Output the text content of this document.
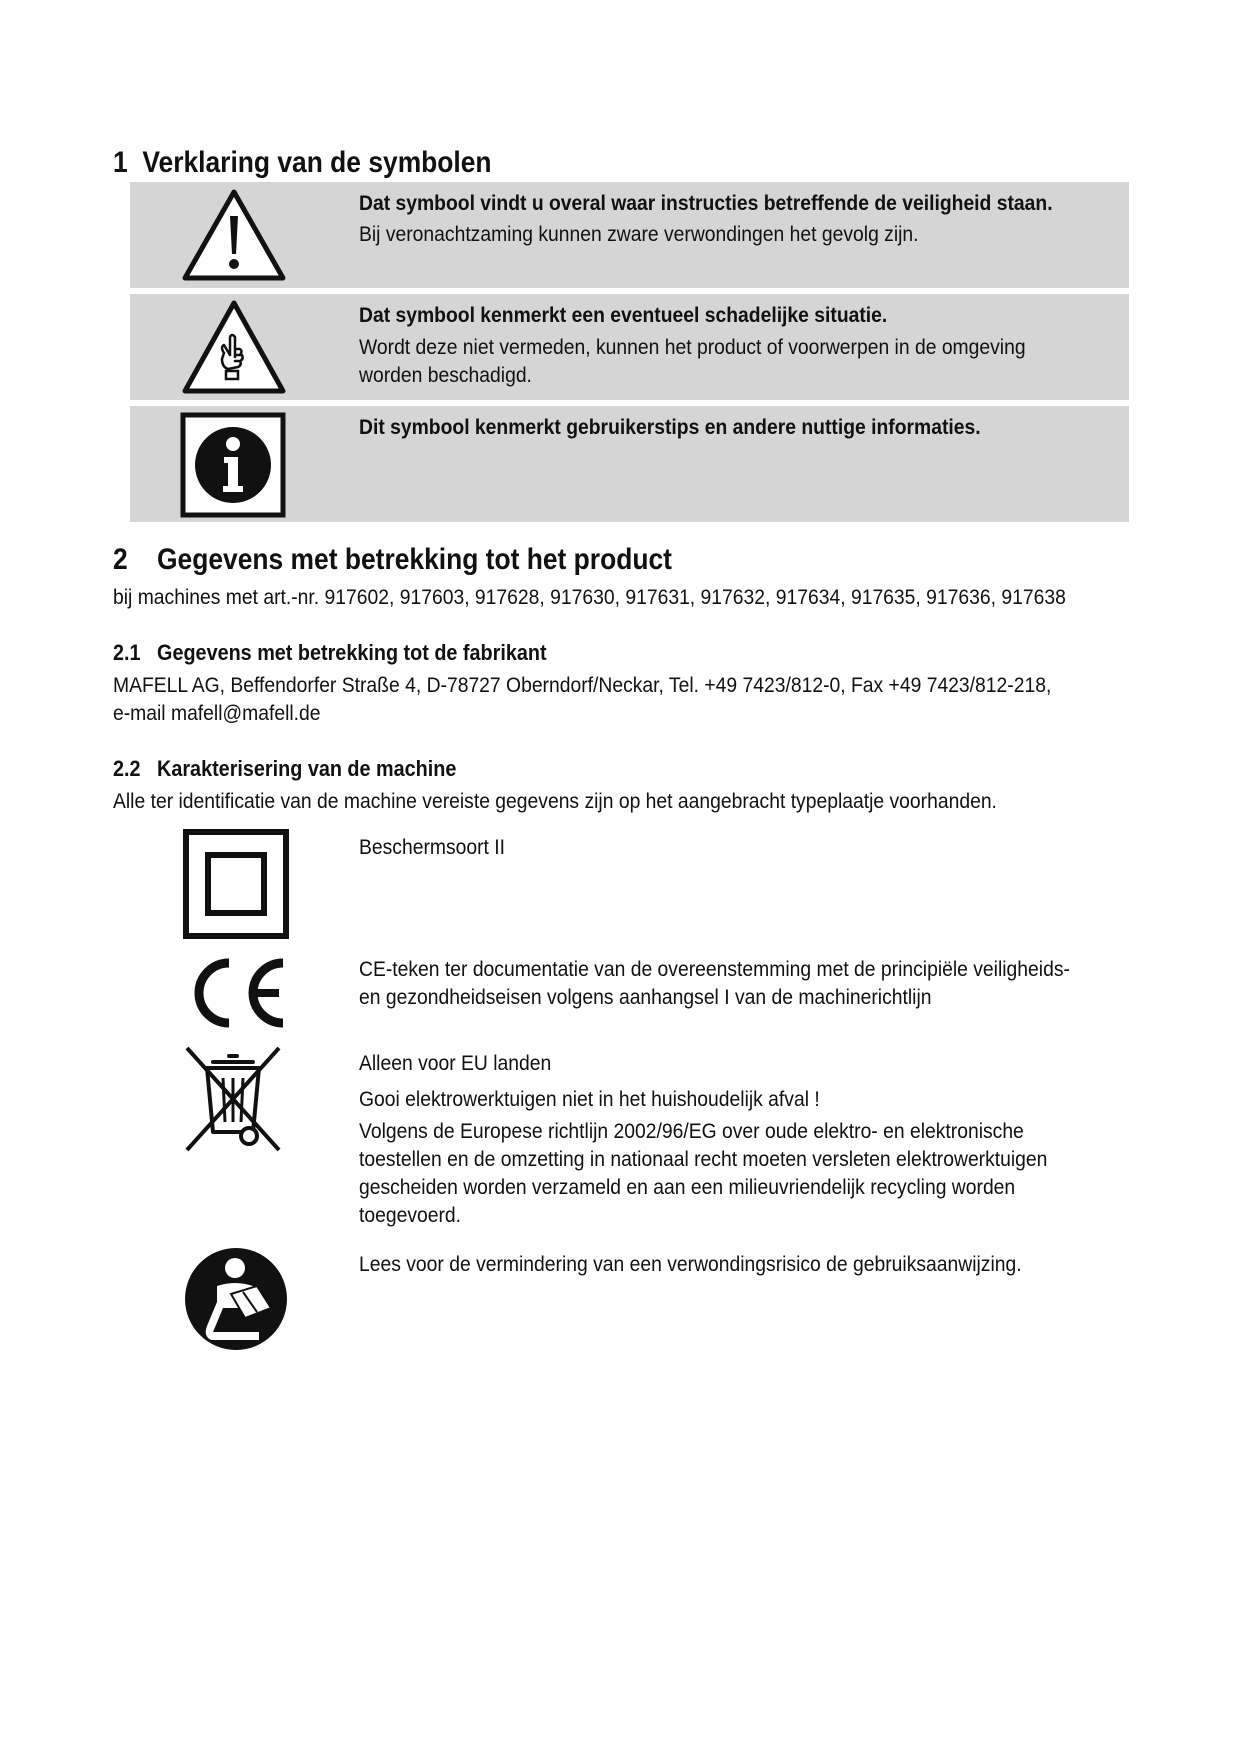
1 Verklaring van de symbolen
Dat symbool vindt u overal waar instructies betreffende de veiligheid staan.
Bij veronachtzaming kunnen zware verwondingen het gevolg zijn.
Dat symbool kenmerkt een eventueel schadelijke situatie.
Wordt deze niet vermeden, kunnen het product of voorwerpen in de omgeving
worden beschadigd.
Dit symbool kenmerkt gebruikerstips en andere nuttige informaties.
2 Gegevens met betrekking tot het product
bij machines met art.-nr. 917602, 917603, 917628, 917630, 917631, 917632, 917634, 917635, 917636, 917638
2.1 Gegevens met betrekking tot de fabrikant
MAFELL AG, Beffendorfer Straße 4, D-78727 Oberndorf/Neckar, Tel. +49 7423/812-0, Fax +49 7423/812-218,
e-mail mafell@mafell.de
2.2 Karakterisering van de machine
Alle ter identificatie van de machine vereiste gegevens zijn op het aangebracht typeplaatje voorhanden.
Beschermsoort II
CE-teken ter documentatie van de overeenstemming met de principiële veiligheids-
en gezondheidseisen volgens aanhangsel I van de machinerichtlijn
Alleen voor EU landen
Gooi elektrowerktuigen niet in het huishoudelijk afval !
Volgens de Europese richtlijn 2002/96/EG over oude elektro- en elektronische
toestellen en de omzetting in nationaal recht moeten versleten elektrowerktuigen
gescheiden worden verzameld en aan een milieuvriendelijk recycling worden
toegevoerd.
Lees voor de vermindering van een verwondingsrisico de gebruiksaanwijzing.
